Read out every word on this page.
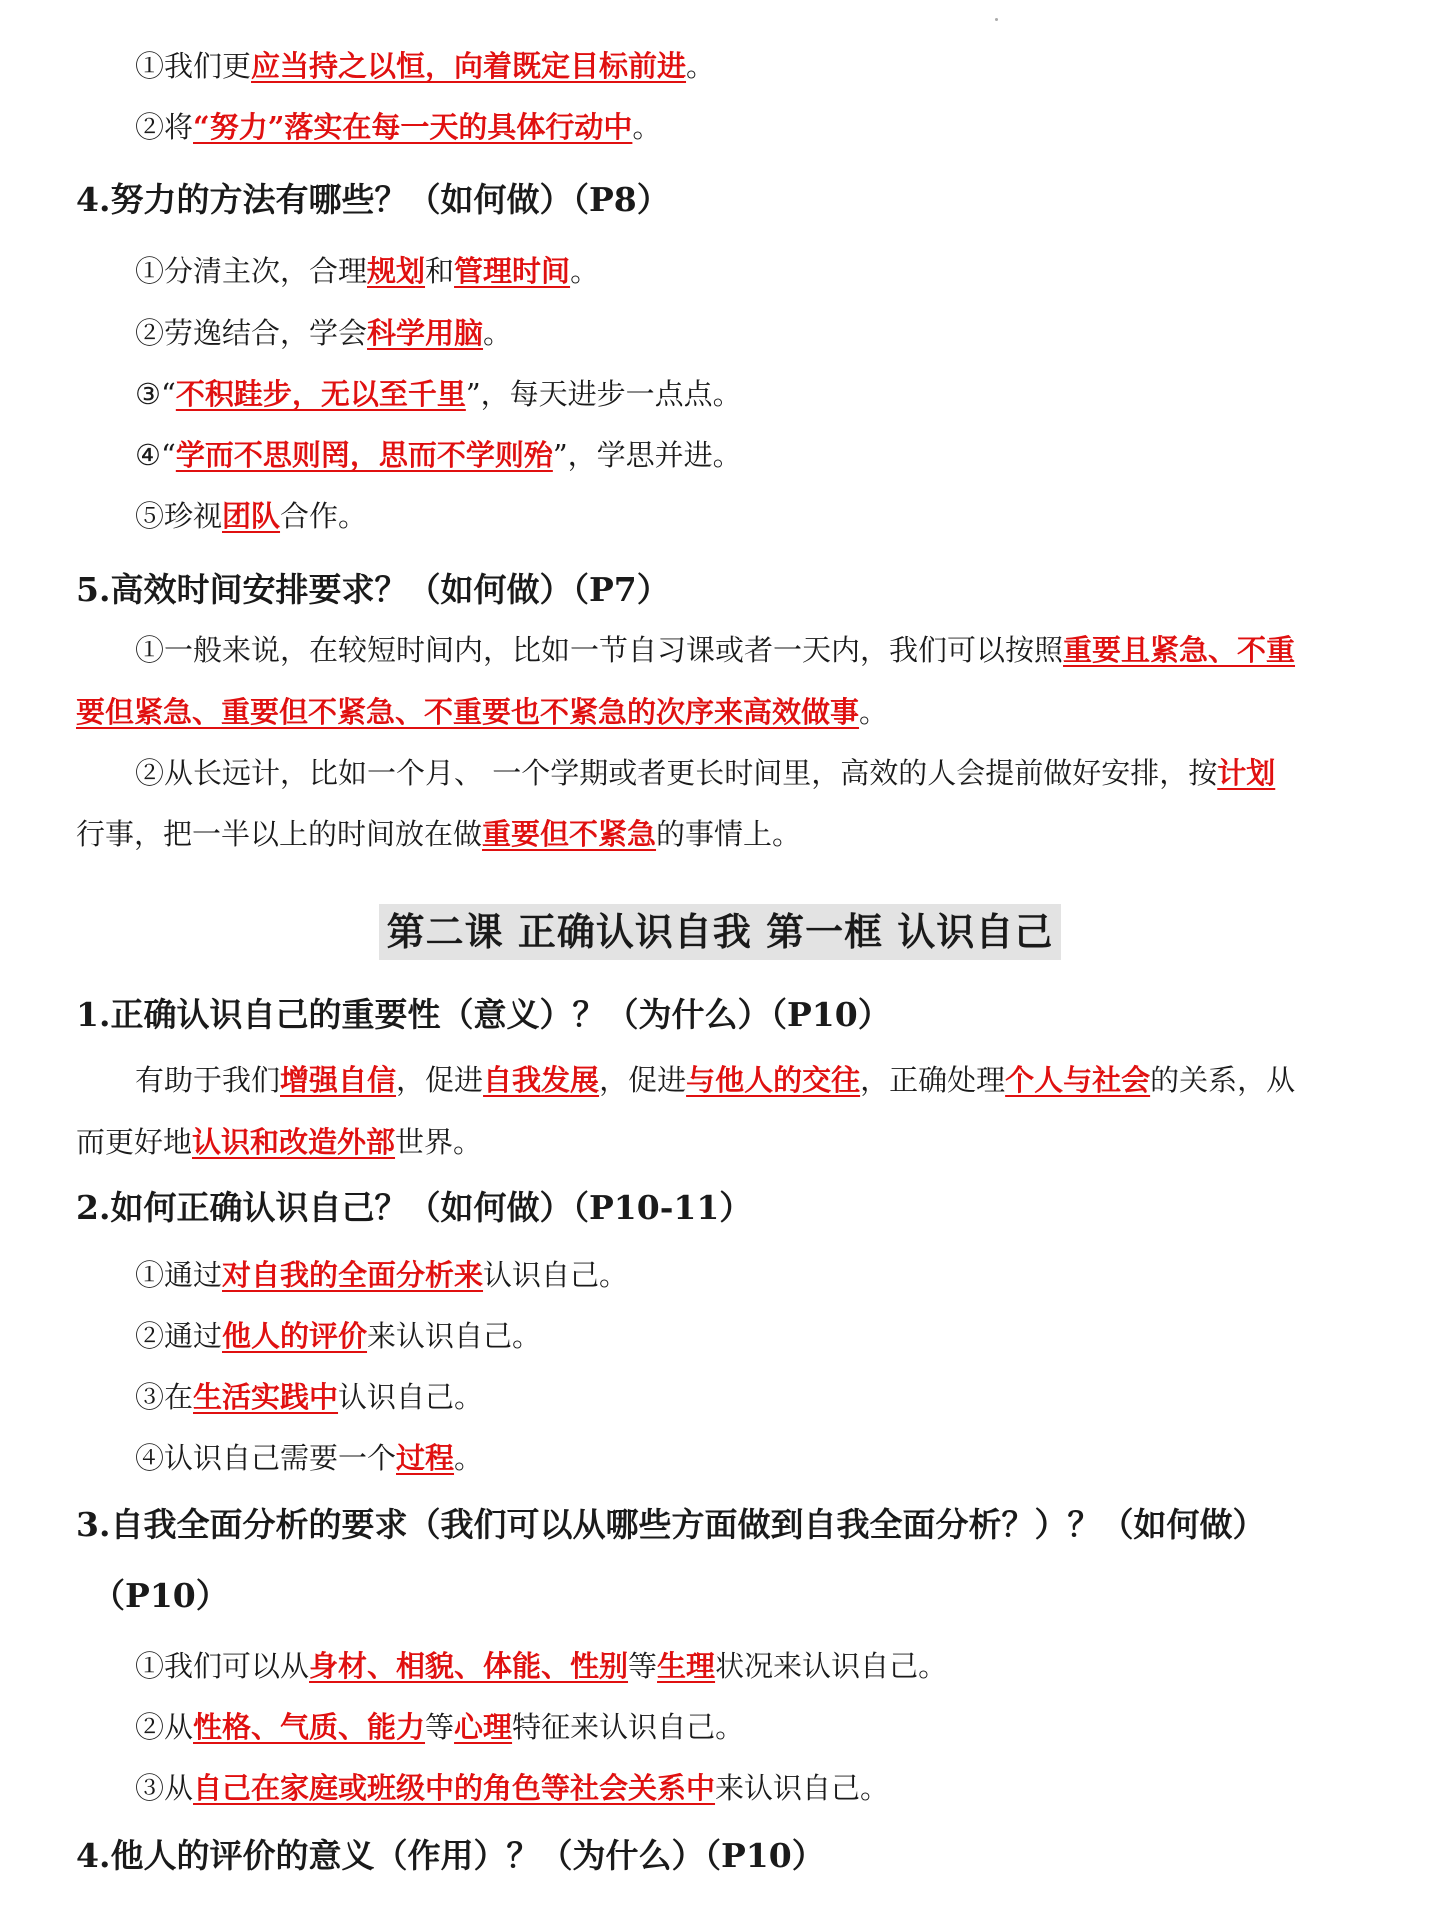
①我们更应当持之以恒，向着既定目标前进。
②将“努力”落实在每一天的具体行动中。
4.努力的方法有哪些？（如何做）（P8）
①分清主次，合理规划和管理时间。
②劳逸结合，学会科学用脑。
③“不积跬步，无以至千里”，每天进步一点点。
④“学而不思则罔，思而不学则殆”，学思并进。
⑤珍视团队合作。
5.高效时间安排要求？（如何做）（P7）
①一般来说，在较短时间内，比如一节自习课或者一天内，我们可以按照重要且紧急、不重
要但紧急、重要但不紧急、不重要也不紧急的次序来高效做事。
②从长远计，比如一个月、 一个学期或者更长时间里，高效的人会提前做好安排，按计划
行事，把一半以上的时间放在做重要但不紧急的事情上。
第二课 正确认识自我 第一框 认识自己
1.正确认识自己的重要性（意义）？（为什么）（P10）
有助于我们增强自信，促进自我发展，促进与他人的交往，正确处理个人与社会的关系，从
而更好地认识和改造外部世界。
2.如何正确认识自己？（如何做）（P10-11）
①通过对自我的全面分析来认识自己。
②通过他人的评价来认识自己。
③在生活实践中认识自己。
④认识自己需要一个过程。
3.自我全面分析的要求（我们可以从哪些方面做到自我全面分析？）？（如何做）
（P10）
①我们可以从身材、相貌、体能、性别等生理状况来认识自己。
②从性格、气质、能力等心理特征来认识自己。
③从自己在家庭或班级中的角色等社会关系中来认识自己。
4.他人的评价的意义（作用）？（为什么）（P10）
